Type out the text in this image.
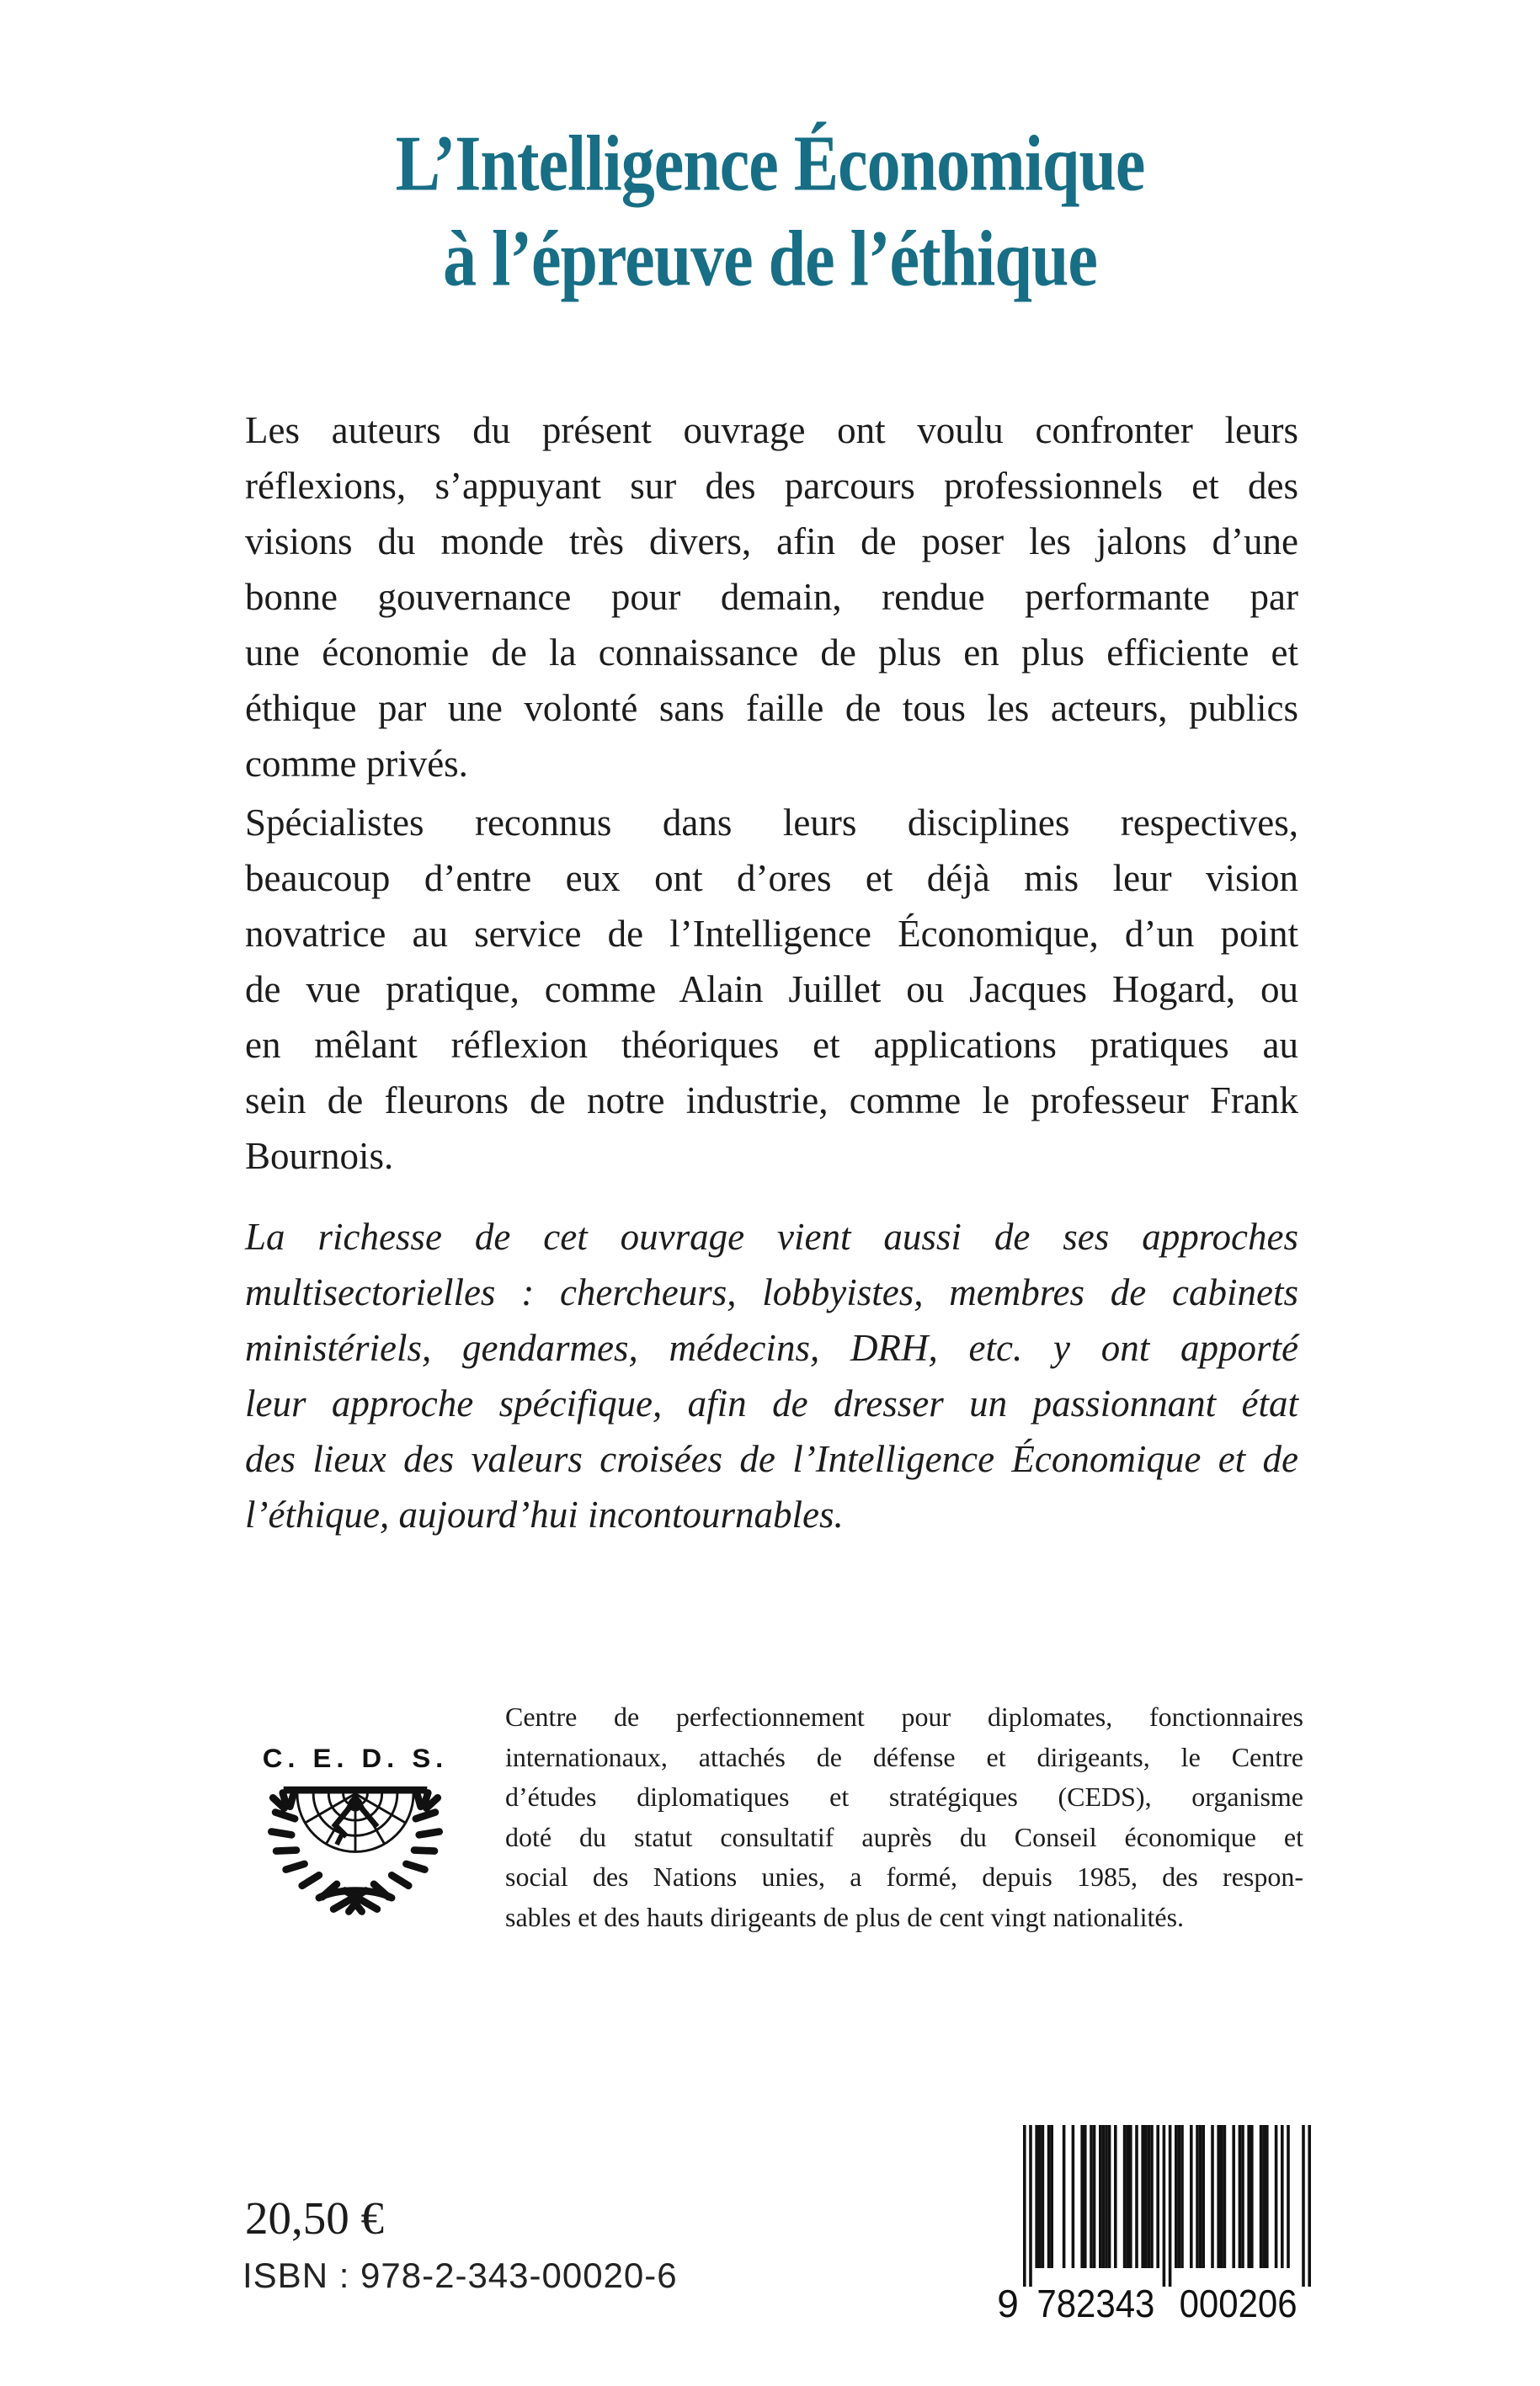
L’Intelligence Économique
à l’épreuve de l’éthique
Les auteurs du présent ouvrage ont voulu confronter leurs
réflexions, s’appuyant sur des parcours professionnels et des
visions du monde très divers, afin de poser les jalons d’une
bonne gouvernance pour demain, rendue performante par
une économie de la connaissance de plus en plus efficiente et
éthique par une volonté sans faille de tous les acteurs, publics
comme privés.
Spécialistes reconnus dans leurs disciplines respectives,
beaucoup d’entre eux ont d’ores et déjà mis leur vision
novatrice au service de l’Intelligence Économique, d’un point
de vue pratique, comme Alain Juillet ou Jacques Hogard, ou
en mêlant réflexion théoriques et applications pratiques au
sein de fleurons de notre industrie, comme le professeur Frank
Bournois.
La richesse de cet ouvrage vient aussi de ses approches
multisectorielles : chercheurs, lobbyistes, membres de cabinets
ministériels, gendarmes, médecins, DRH, etc. y ont apporté
leur approche spécifique, afin de dresser un passionnant état
des lieux des valeurs croisées de l’Intelligence Économique et de
l’éthique, aujourd’hui incontournables.
C. E. D. S.
Centre de perfectionnement pour diplomates, fonctionnaires
internationaux, attachés de défense et dirigeants, le Centre
d’études diplomatiques et stratégiques (CEDS), organisme
doté du statut consultatif auprès du Conseil économique et
social des Nations unies, a formé, depuis 1985, des respon-
sables et des hauts dirigeants de plus de cent vingt nationalités.
20,50 €
ISBN : 978-2-343-00020-6
9 782343 000206
